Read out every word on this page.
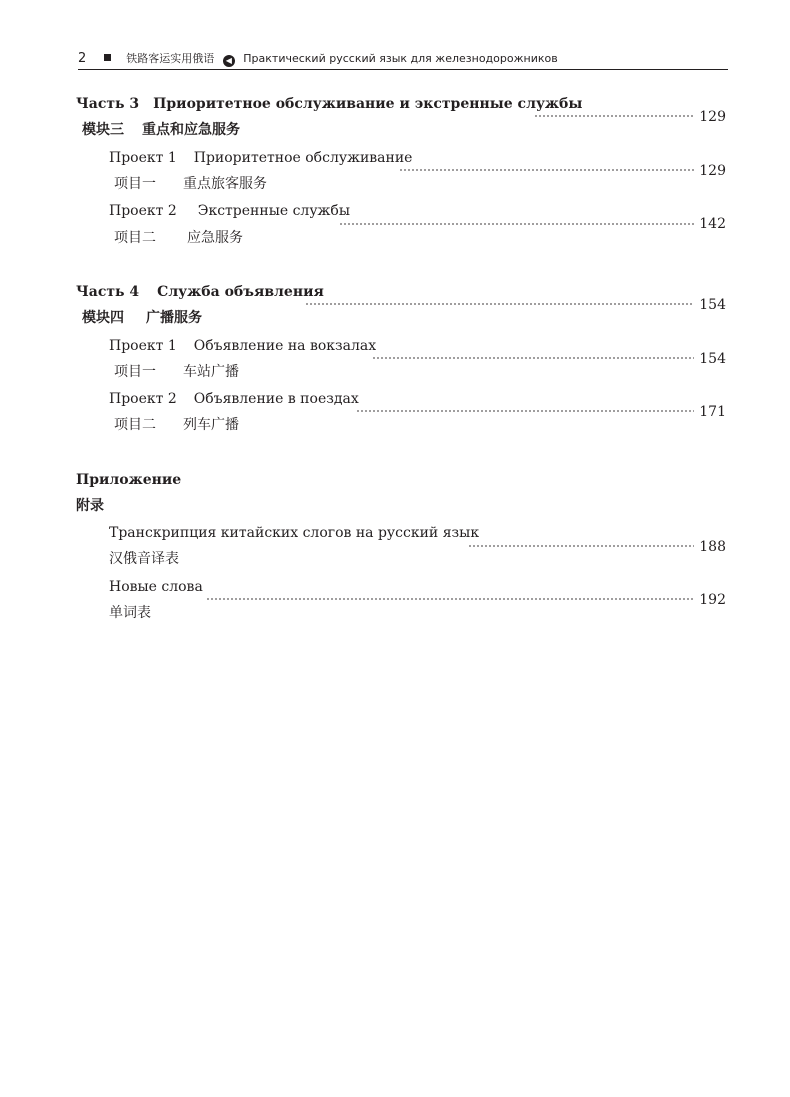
2	铁路客运实用俄语 ◀ Практический русский язык для железнодорожников
Часть 3 Приоритетное обслуживание и экстренные службы
129
模块三 重点和应急服务
Проект 1 Приоритетное обслуживание
129
项目一 重点旅客服务
Проект 2 Экстренные службы
142
项目二 应急服务
Часть 4 Служба объявления
154
模块四 广播服务
Проект 1 Объявление на вокзалах
154
项目一 车站广播
Проект 2 Объявление в поездах
171
项目二 列车广播
Приложение
附录
Транскрипция китайских слогов на русский язык
188
汉俄音译表
Новые слова
192
单词表
